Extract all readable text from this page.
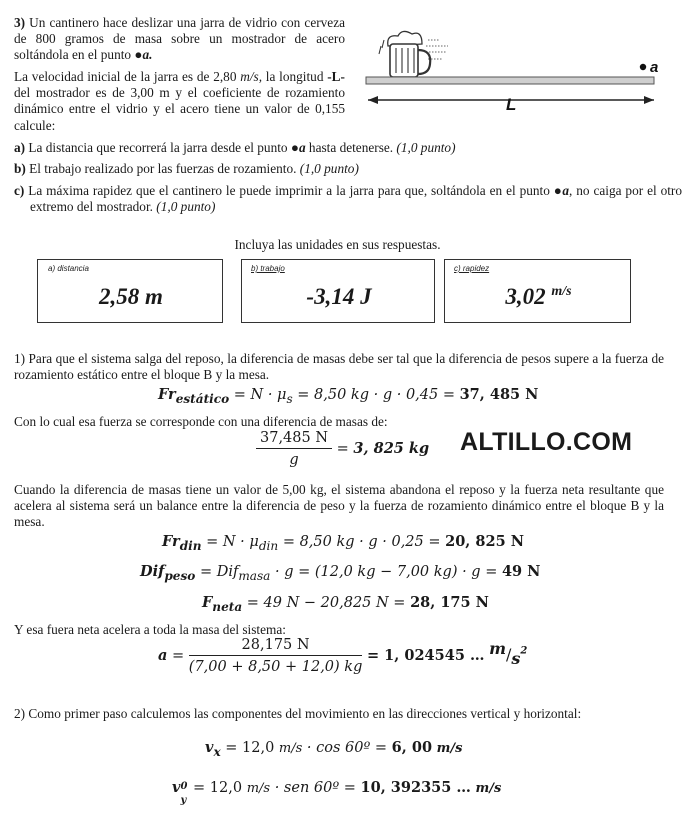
3) Un cantinero hace deslizar una jarra de vidrio con cerveza de 800 gramos de masa sobre un mostrador de acero soltándola en el punto ●a.
La velocidad inicial de la jarra es de 2,80 m/s, la longitud -L- del mostrador es de 3,00 m y el coeficiente de rozamiento dinámico entre el vidrio y el acero tiene un valor de 0,155 calcule:
a
L
a) La distancia que recorrerá la jarra desde el punto ●a hasta detenerse. (1,0 punto)
b) El trabajo realizado por las fuerzas de rozamiento. (1,0 punto)
c) La máxima rapidez que el cantinero le puede imprimir a la jarra para que, soltándola en el punto ●a, no caiga por el otro extremo del mostrador. (1,0 punto)
Incluya las unidades en sus respuestas.
a) distancia
2,58 m
b) trabajo
-3,14 J
c) rapidez
3,02 $^{m/s}$
1) Para que el sistema salga del reposo, la diferencia de masas debe ser tal que la diferencia de pesos supere a la fuerza de rozamiento estático entre el bloque B y la mesa.
$Fr_{estático} = N \cdot \mu_s = 8,50$ kg · g · 0,45 = 37, 485 N
Con lo cual esa fuerza se corresponde con una diferencia de masas de:
$\frac{37,485 N}{g} = 3$, 825 kg ALTILLO.COM
Cuando la diferencia de masas tiene un valor de 5,00 kg, el sistema abandona el reposo y la fuerza neta resultante que acelera al sistema será un balance entre la diferencia de peso y la fuerza de rozamiento dinámico entre el bloque B y la mesa.
$Fr_{din} = N \cdot \mu_{din} = 8,50$ kg · g · 0,25 = 20, 825 N
Dif$_{peso}$ = Dif$_{masa}$ · g = (12,0 kg − 7,00 kg) · g = 49 N
$F_{neta} = 49$ N − 20,825 N = 28, 175 N
Y esa fuera neta acelera a toda la masa del sistema:
$a = \frac{28,175 N}{(7,00 + 8,50 + 12,0) kg} = 1$, 024545 … $m/s^2$
2) Como primer paso calculemos las componentes del movimiento en las direcciones vertical y horizontal:
$v_x = 12,0$ m/s · cos 60º = 6, 00 m/s
v 0
y
= 12,0 m/s · sen 60º = 10, 392355 … m/s
